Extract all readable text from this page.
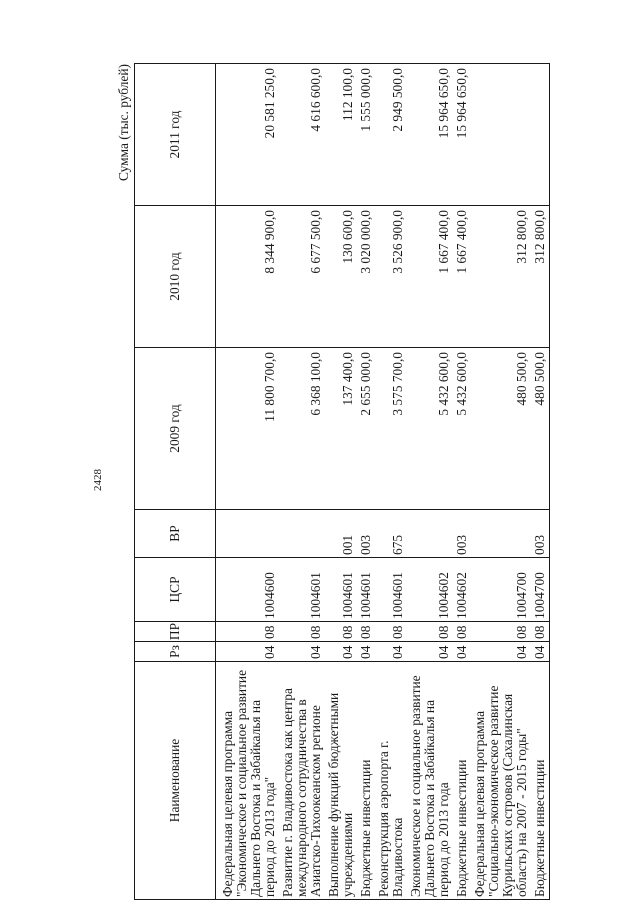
2428
Сумма (тыс. рублей)
Наименование	Рз	ПР	ЦСР	ВР	2009 год	2010 год	2011 год

Федеральная целевая программа "Экономическое и социальное развитие Дальнего Востока и Забайкалья на период до 2013 года"	04	08	1004600		11 800 700,0	8 344 900,0	20 581 250,0
Развитие г. Владивостока как центра международного сотрудничества в Азиатско-Тихоокеанском регионе	04	08	1004601		6 368 100,0	6 677 500,0	4 616 600,0
Выполнение функций бюджетными учреждениями	04	08	1004601	001	137 400,0	130 600,0	112 100,0
Бюджетные инвестиции	04	08	1004601	003	2 655 000,0	3 020 000,0	1 555 000,0
Реконструкция аэропорта г. Владивостока	04	08	1004601	675	3 575 700,0	3 526 900,0	2 949 500,0
Экономическое и социальное развитие Дальнего Востока и Забайкалья на период до 2013 года	04	08	1004602		5 432 600,0	1 667 400,0	15 964 650,0
Бюджетные инвестиции	04	08	1004602	003	5 432 600,0	1 667 400,0	15 964 650,0
Федеральная целевая программа "Социально-экономическое развитие Курильских островов (Сахалинская область) на 2007 - 2015 годы"	04	08	1004700		480 500,0	312 800,0	
Бюджетные инвестиции	04	08	1004700	003	480 500,0	312 800,0	
